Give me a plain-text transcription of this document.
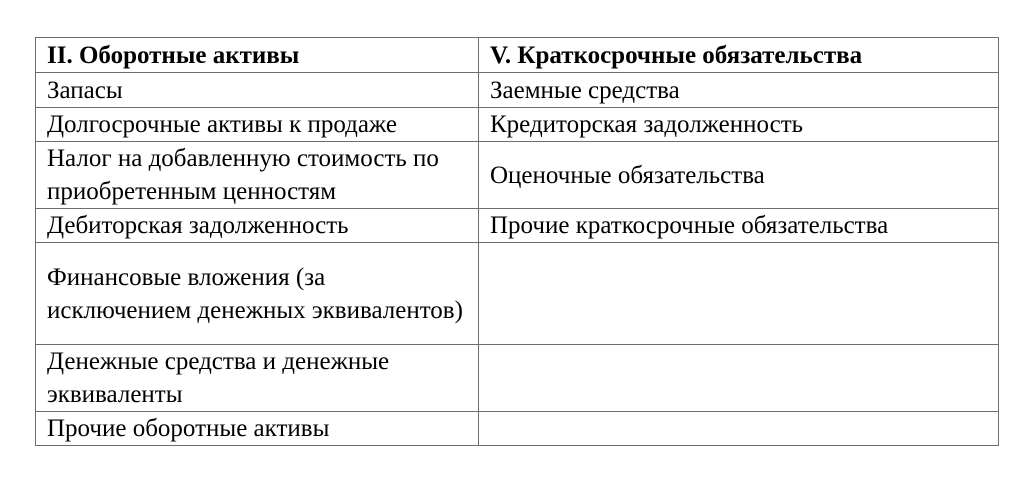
II. Оборотные активы	V. Краткосрочные обязательства
Запасы	Заемные средства
Долгосрочные активы к продаже	Кредиторская задолженность
Налог на добавленную стоимость по приобретенным ценностям	Оценочные обязательства
Дебиторская задолженность	Прочие краткосрочные обязательства
Финансовые вложения (за исключением денежных эквивалентов)	
Денежные средства и денежные эквиваленты	
Прочие оборотные активы	
